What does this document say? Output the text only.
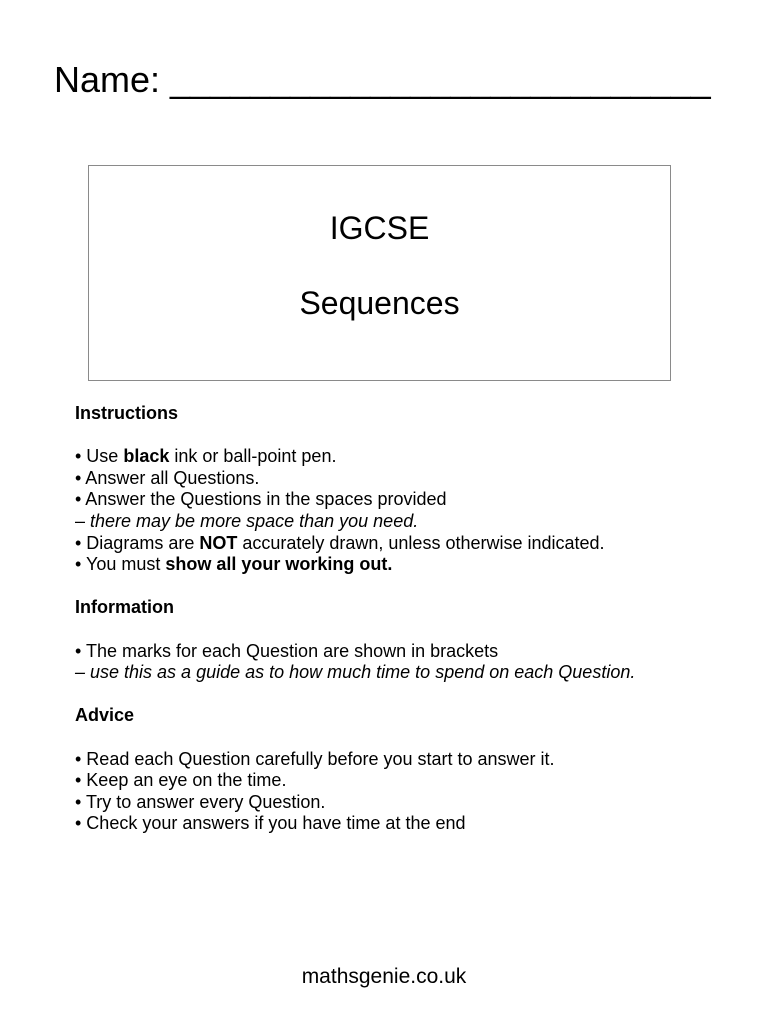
Name: ___________________________
IGCSE
Sequences

Instructions

• Use black ink or ball-point pen.

• Answer all Questions.

• Answer the Questions in the spaces provided

– there may be more space than you need.

• Diagrams are NOT accurately drawn, unless otherwise indicated.

• You must show all your working out.

Information

• The marks for each Question are shown in brackets

– use this as a guide as to how much time to spend on each Question.

Advice

• Read each Question carefully before you start to answer it.

• Keep an eye on the time.

• Try to answer every Question.

• Check your answers if you have time at the end

mathsgenie.co.uk
